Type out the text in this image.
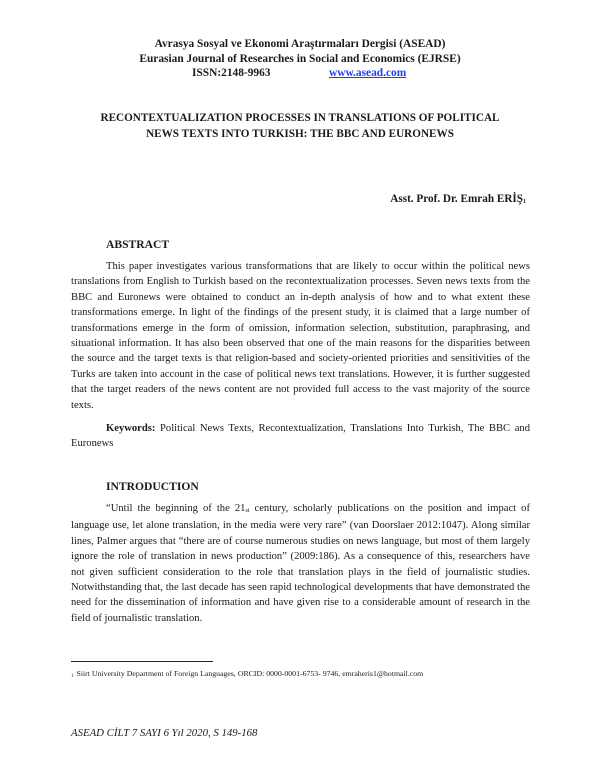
Avrasya Sosyal ve Ekonomi Araştırmaları Dergisi (ASEAD)
Eurasian Journal of Researches in Social and Economics (EJRSE)
ISSN:2148-9963	www.asead.com
RECONTEXTUALIZATION PROCESSES IN TRANSLATIONS OF POLITICAL
NEWS TEXTS INTO TURKISH: THE BBC AND EURONEWS
Asst. Prof. Dr. Emrah ERİŞ$^1$
ABSTRACT

This paper investigates various transformations that are likely to occur within the political news translations from English to Turkish based on the recontextualization processes. Seven news texts from the BBC and Euronews were obtained to conduct an in-depth analysis of how and to what extent these transformations emerge. In light of the findings of the present study, it is claimed that a large number of transformations emerge in the form of omission, information selection, substitution, paraphrasing, and situational information. It has also been observed that one of the main reasons for the disparities between the source and the target texts is that religion-based and society-oriented priorities and sensitivities of the Turks are taken into account in the case of political news text translations. However, it is further suggested that the target readers of the news content are not provided full access to the vast majority of the source texts.

Keywords: Political News Texts, Recontextualization, Translations Into Turkish, The BBC and Euronews

INTRODUCTION

“Until the beginning of the 21st century, scholarly publications on the position and impact of language use, let alone translation, in the media were very rare” (van Doorslaer 2012:1047). Along similar lines, Palmer argues that “there are of course numerous studies on news language, but most of them largely ignore the role of translation in news production” (2009:186). As a consequence of this, researchers have not given sufficient consideration to the role that translation plays in the field of journalistic studies. Notwithstanding that, the last decade has seen rapid technological developments that have demonstrated the need for the dissemination of information and have given rise to a considerable amount of research in the field of journalistic translation.

$^1$ Siirt University Department of Foreign Languages, ORCID: 0000-0001-6753- 9746, emraheris1@hotmail.com
ASEAD CİLT 7 SAYI 6 Yıl 2020, S 149-168
